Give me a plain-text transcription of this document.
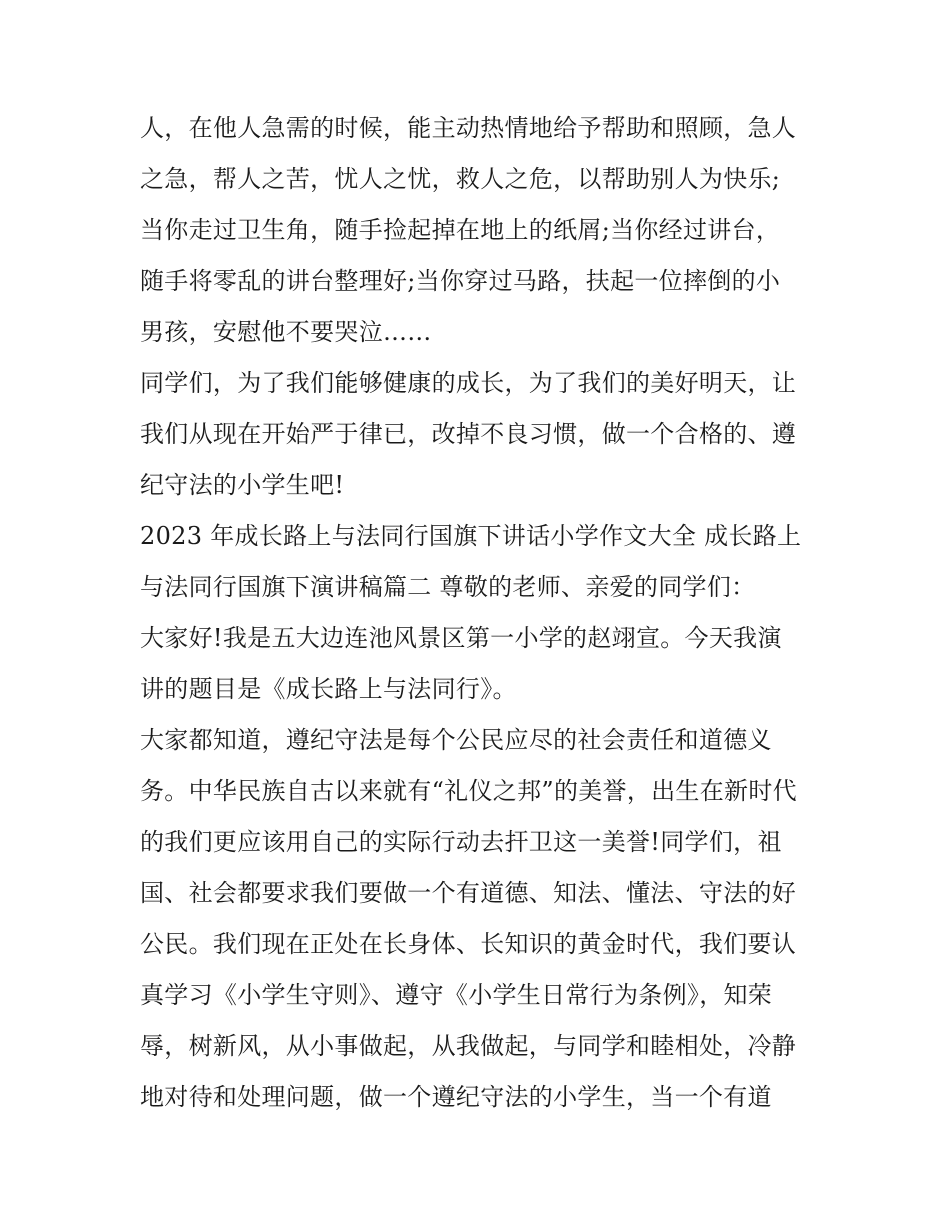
人，在他人急需的时候，能主动热情地给予帮助和照顾，急人
之急，帮人之苦，忧人之忧，救人之危，以帮助别人为快乐;
当你走过卫生角，随手捡起掉在地上的纸屑;当你经过讲台，
随手将零乱的讲台整理好;当你穿过马路，扶起一位摔倒的小
男孩，安慰他不要哭泣……
同学们，为了我们能够健康的成长，为了我们的美好明天，让
我们从现在开始严于律已，改掉不良习惯，做一个合格的、遵
纪守法的小学生吧!
2023 年成长路上与法同行国旗下讲话小学作文大全 成长路上
与法同行国旗下演讲稿篇二 尊敬的老师、亲爱的同学们：
大家好!我是五大边连池风景区第一小学的赵翊宣。今天我演
讲的题目是《成长路上与法同行》。
大家都知道，遵纪守法是每个公民应尽的社会责任和道德义
务。中华民族自古以来就有“礼仪之邦”的美誉，出生在新时代
的我们更应该用自己的实际行动去扞卫这一美誉!同学们，祖
国、社会都要求我们要做一个有道德、知法、懂法、守法的好
公民。我们现在正处在长身体、长知识的黄金时代，我们要认
真学习《小学生守则》、遵守《小学生日常行为条例》，知荣
辱，树新风，从小事做起，从我做起，与同学和睦相处，冷静
地对待和处理问题，做一个遵纪守法的小学生，当一个有道
